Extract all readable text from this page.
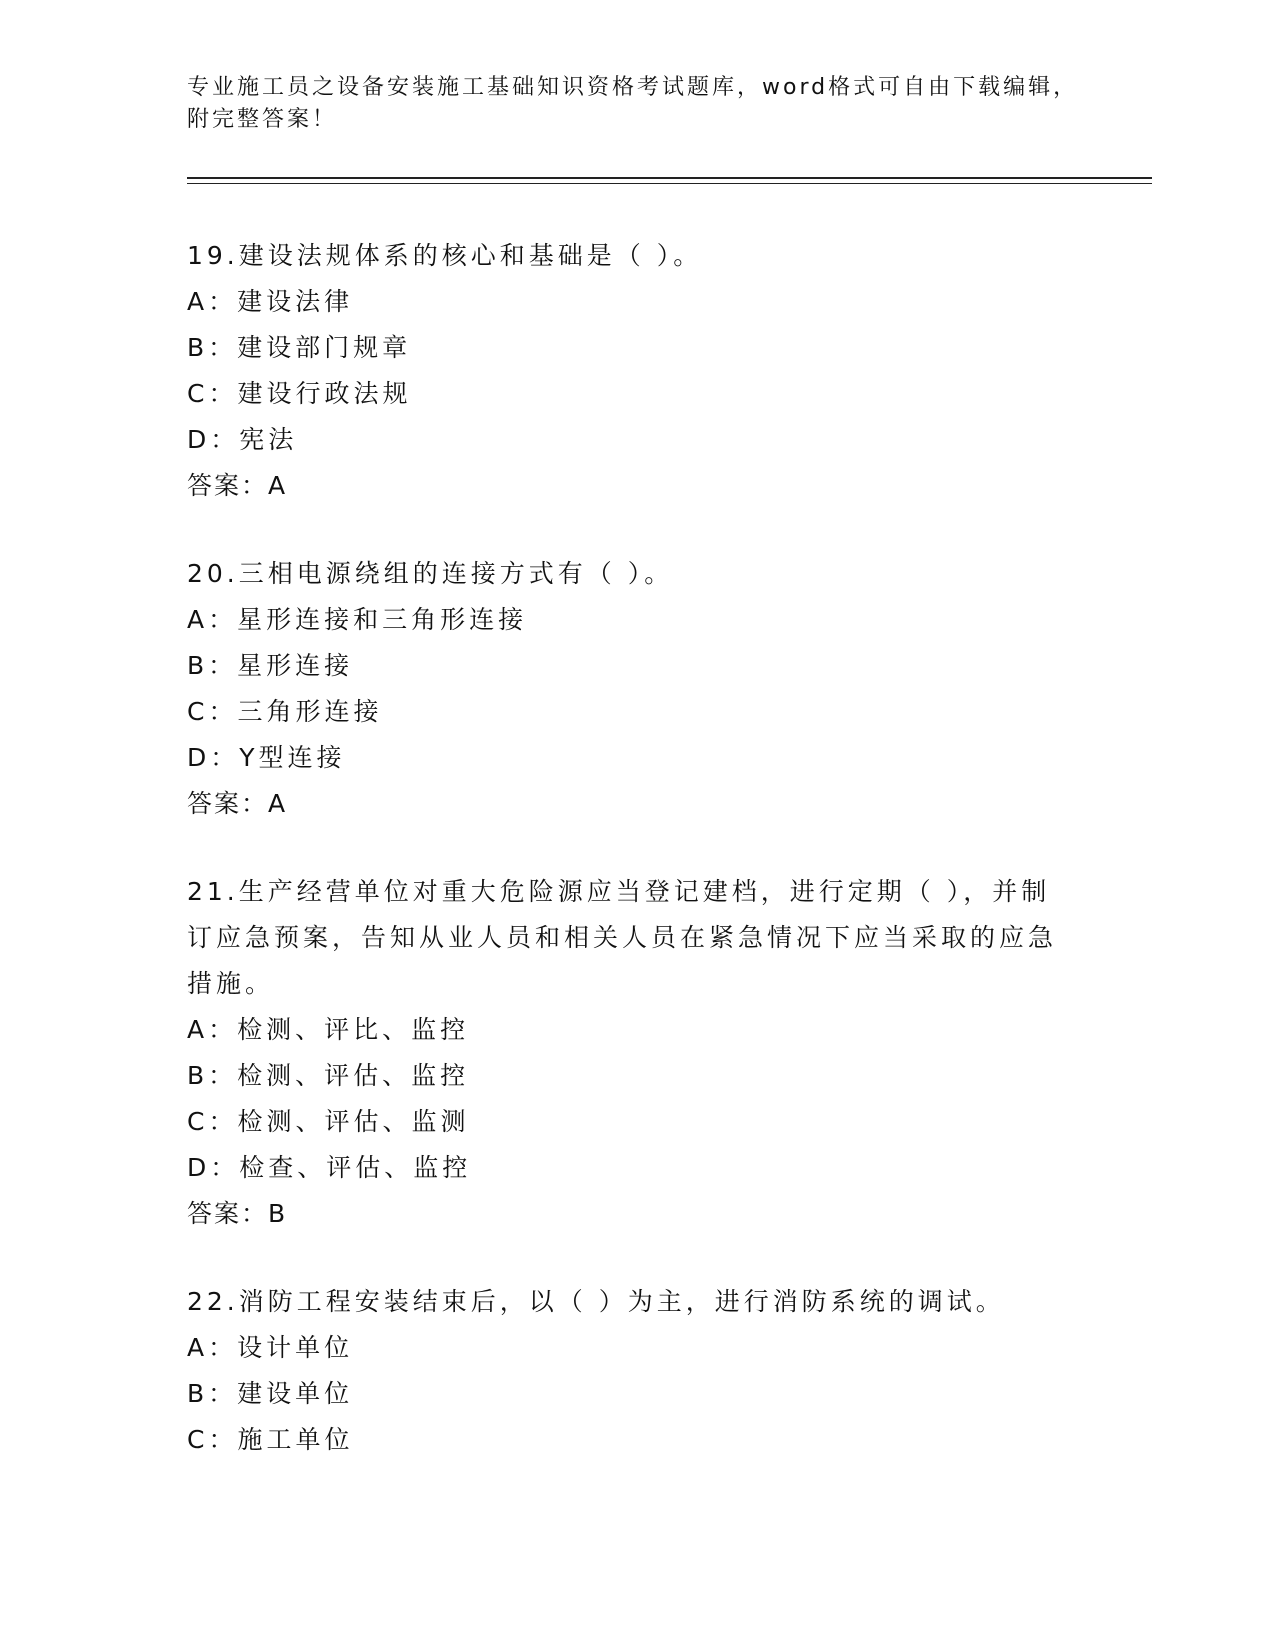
专业施工员之设备安装施工基础知识资格考试题库，word格式可自由下载编辑，附完整答案！
19.建设法规体系的核心和基础是（ ）。
A：建设法律
B：建设部门规章
C：建设行政法规
D：宪法
答案：A
20.三相电源绕组的连接方式有（ ）。
A：星形连接和三角形连接
B：星形连接
C：三角形连接
D：Y型连接
答案：A
21.生产经营单位对重大危险源应当登记建档，进行定期（ ），并制订应急预案，告知从业人员和相关人员在紧急情况下应当采取的应急措施。
A：检测、评比、监控
B：检测、评估、监控
C：检测、评估、监测
D：检查、评估、监控
答案：B
22.消防工程安装结束后，以（ ）为主，进行消防系统的调试。
A：设计单位
B：建设单位
C：施工单位
